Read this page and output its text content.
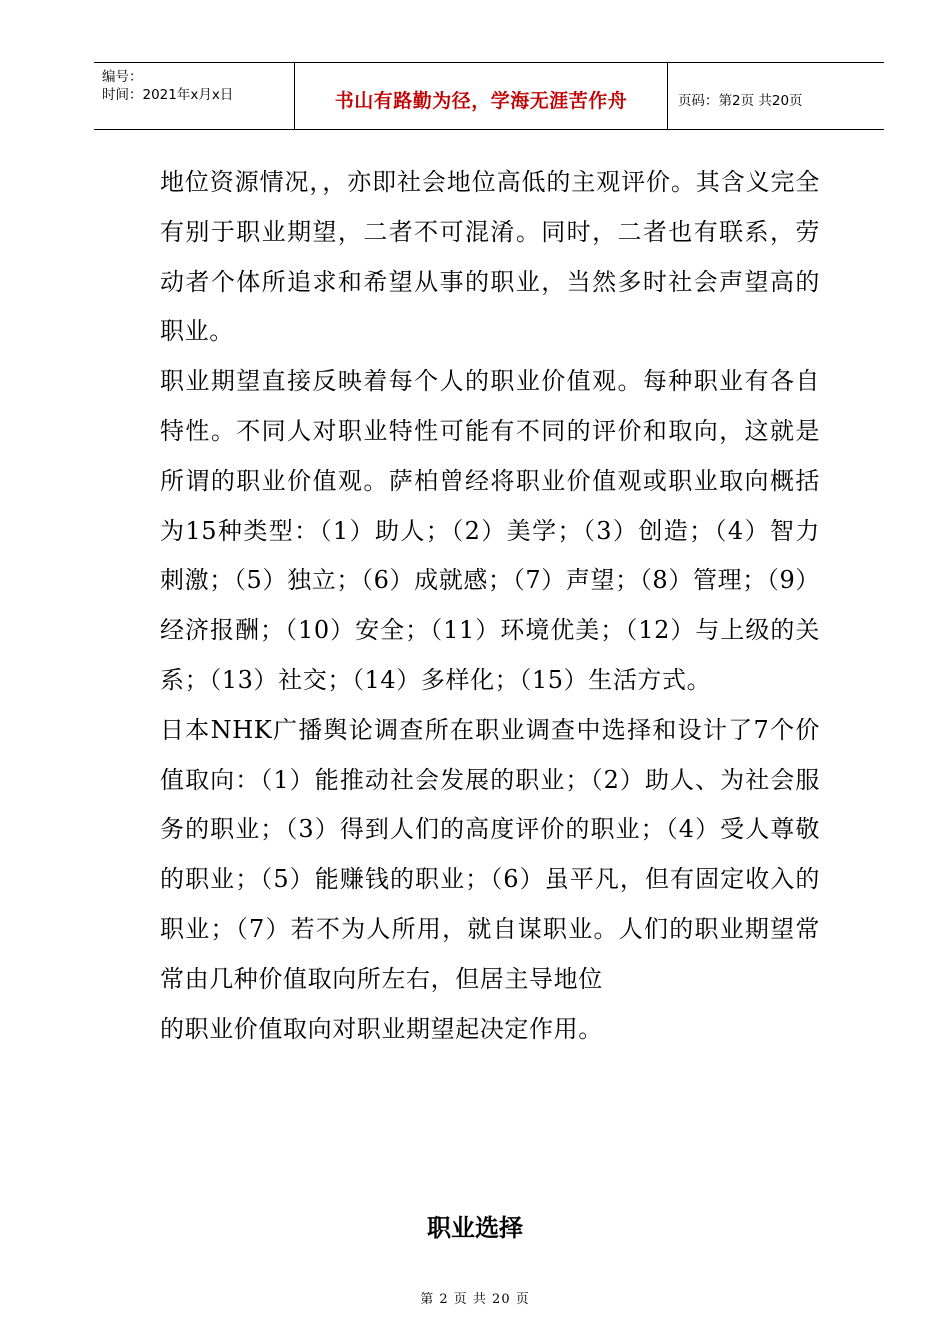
编号：
时间：2021年x月x日	书山有路勤为径，学海无涯苦作舟	页码：第2页 共20页

地位资源情况，，亦即社会地位高低的主观评价。其含义完全有别于职业期望，二者不可混淆。同时，二者也有联系，劳动者个体所追求和希望从事的职业，当然多时社会声望高的职业。

职业期望直接反映着每个人的职业价值观。每种职业有各自特性。不同人对职业特性可能有不同的评价和取向，这就是所谓的职业价值观。萨柏曾经将职业价值观或职业取向概括为15种类型：（1）助人；（2）美学；（3）创造；（4）智力刺激；（5）独立；（6）成就感；（7）声望；（8）管理；（9）经济报酬；（10）安全；（11）环境优美；（12）与上级的关系；（13）社交；（14）多样化；（15）生活方式。

日本NHK广播舆论调查所在职业调查中选择和设计了7个价值取向：（1）能推动社会发展的职业；（2）助人、为社会服务的职业；（3）得到人们的高度评价的职业；（4）受人尊敬的职业；（5）能赚钱的职业；（6）虽平凡，但有固定收入的职业；（7）若不为人所用，就自谋职业。人们的职业期望常常由几种价值取向所左右，但居主导地位

的职业价值取向对职业期望起决定作用。

职业选择
第 2 页 共 20 页
